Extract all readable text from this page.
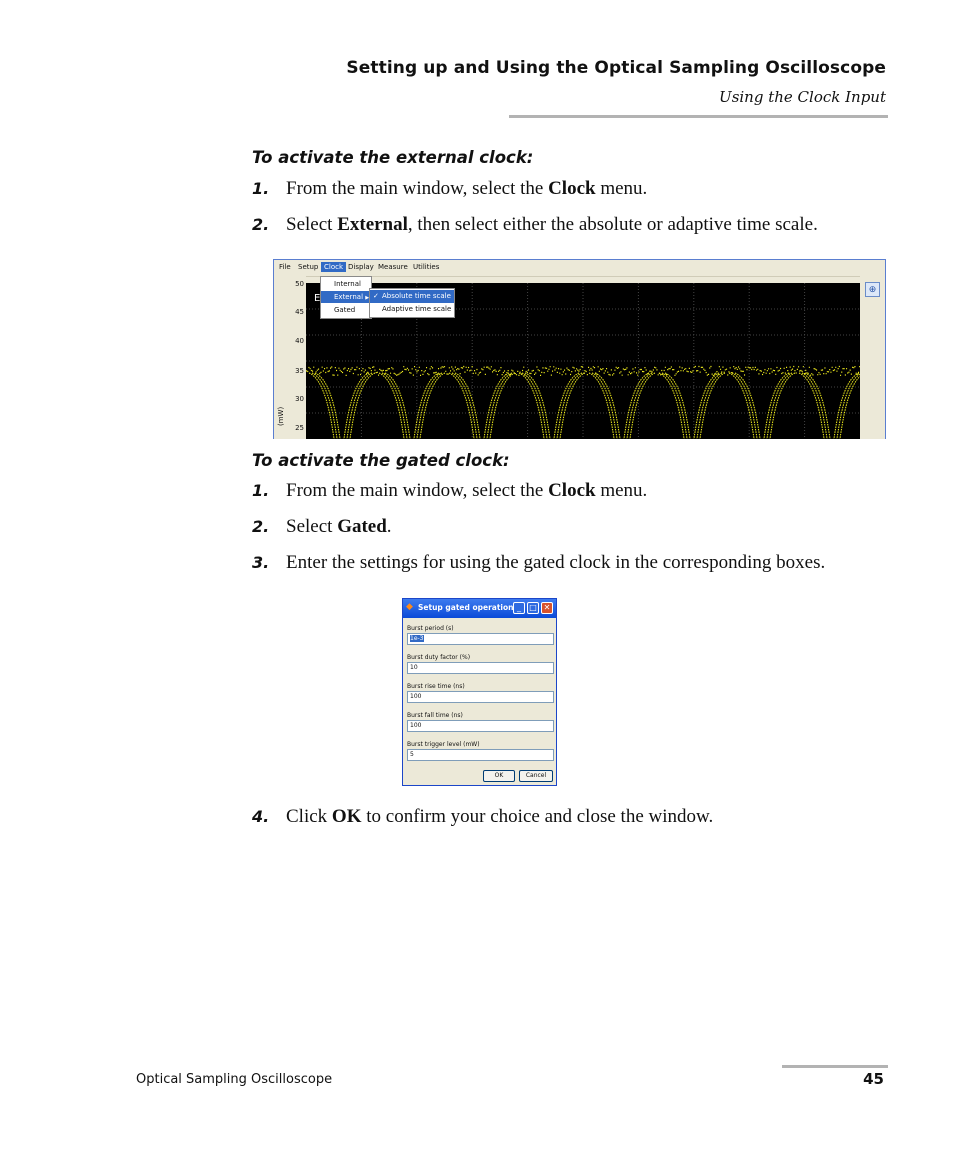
Setting up and Using the Optical Sampling Oscilloscope
Using the Clock Input
To activate the external clock:
1. From the main window, select the Clock menu.
2. Select External, then select either the absolute or adaptive time scale.
File Setup Clock Display Measure Utilities
50
45
40
35
30
25
(mW)
E
⊕
Internal
External ▶
Gated
✓ Absolute time scale
Adaptive time scale
To activate the gated clock:
1. From the main window, select the Clock menu.
2. Select Gated.
3. Enter the settings for using the gated clock in the corresponding boxes.
◆ Setup gated operation _	□ ✕
Burst period (s)
1e-3
Burst duty factor (%)
10
Burst rise time (ns)
100
Burst fall time (ns)
100
Burst trigger level (mW)
5
OK	Cancel
4. Click OK to confirm your choice and close the window.
Optical Sampling Oscilloscope	45
